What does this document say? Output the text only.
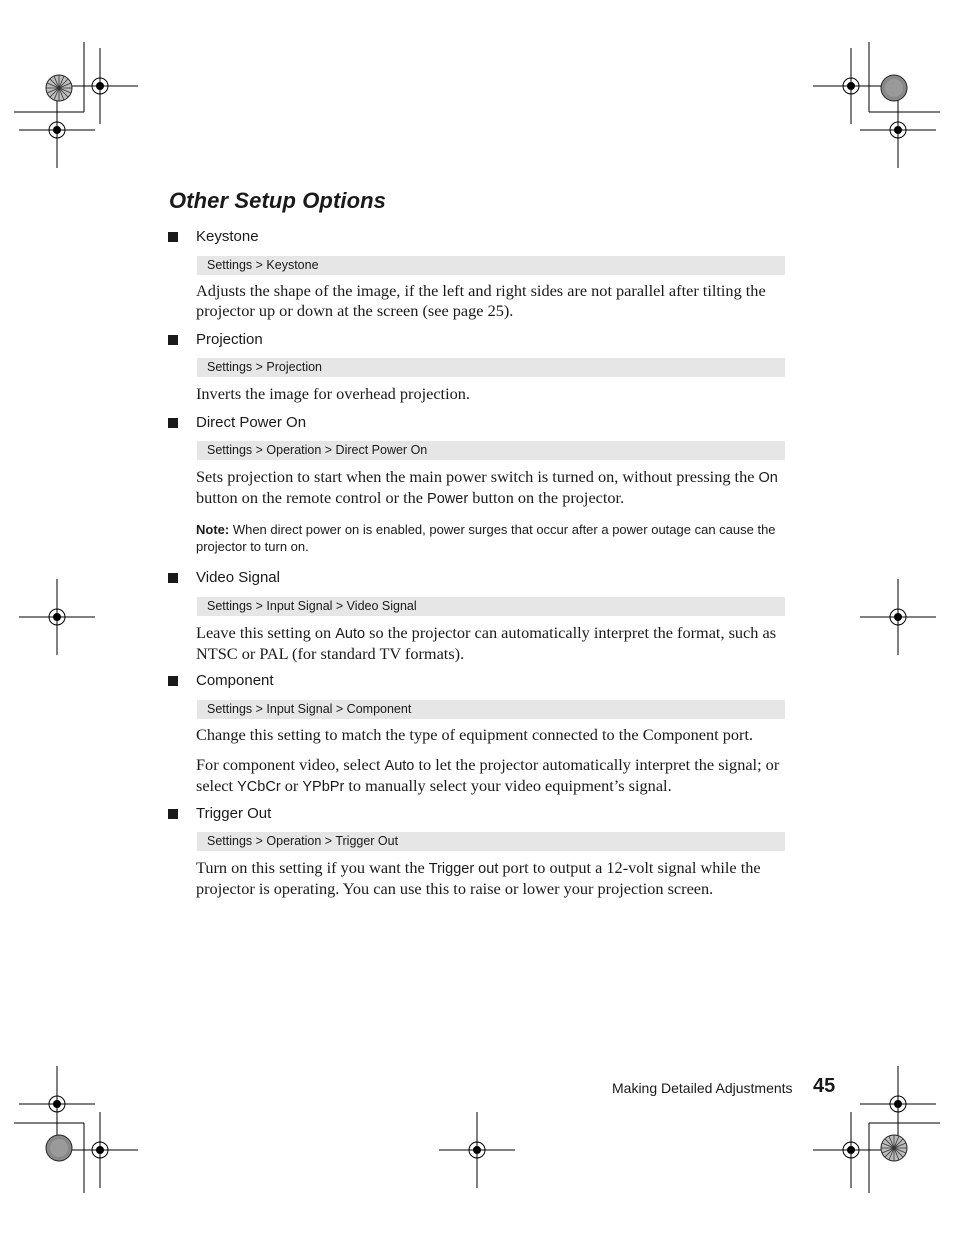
Other Setup Options
Keystone
Settings > Keystone

Adjusts the shape of the image, if the left and right sides are not parallel after tilting the projector up or down at the screen (see page 25).

Projection
Settings > Projection

Inverts the image for overhead projection.

Direct Power On
Settings > Operation > Direct Power On

Sets projection to start when the main power switch is turned on, without pressing the On button on the remote control or the Power button on the projector.

Note: When direct power on is enabled, power surges that occur after a power outage can cause the projector to turn on.

Video Signal
Settings > Input Signal > Video Signal

Leave this setting on Auto so the projector can automatically interpret the format, such as NTSC or PAL (for standard TV formats).

Component
Settings > Input Signal > Component

Change this setting to match the type of equipment connected to the Component port.

For component video, select Auto to let the projector automatically interpret the signal; or select YCbCr or YPbPr to manually select your video equipment’s signal.

Trigger Out
Settings > Operation > Trigger Out

Turn on this setting if you want the Trigger out port to output a 12-volt signal while the projector is operating. You can use this to raise or lower your projection screen.

Making Detailed Adjustments 45
